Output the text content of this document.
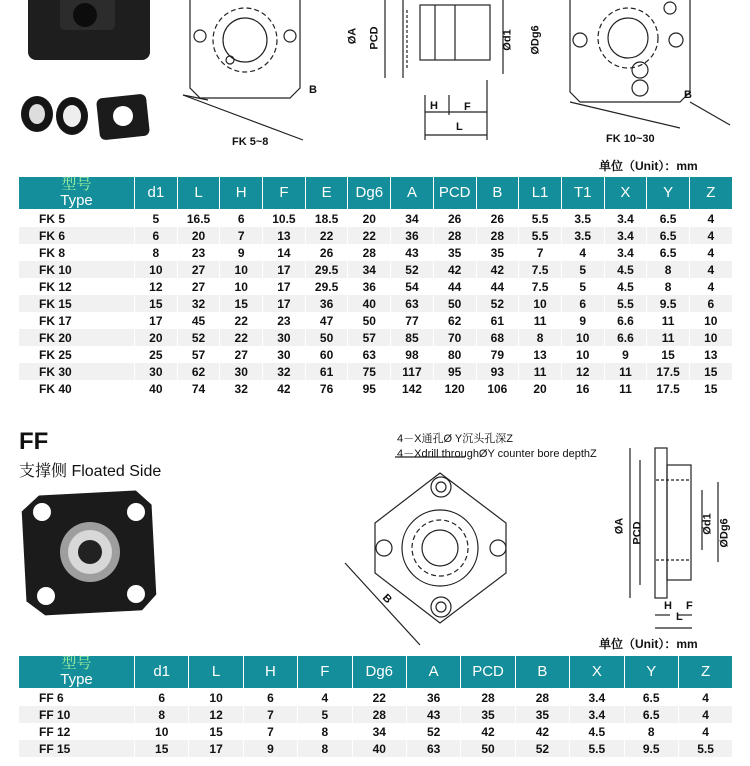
FK 5~8
B
ØA PCD	Ød1 ØDg6
H F
L
FK 10~30
B
单位（Unit）：mm
型号
Type	d1	L	H	F	E	Dg6	A	PCD	B	L1	T1	X	Y	Z
FK 5	5	16.5	6	10.5	18.5	20	34	26	26	5.5	3.5	3.4	6.5	4
FK 6	6	20	7	13	22	22	36	28	28	5.5	3.5	3.4	6.5	4
FK 8	8	23	9	14	26	28	43	35	35	7	4	3.4	6.5	4
FK 10	10	27	10	17	29.5	34	52	42	42	7.5	5	4.5	8	4
FK 12	12	27	10	17	29.5	36	54	44	44	7.5	5	4.5	8	4
FK 15	15	32	15	17	36	40	63	50	52	10	6	5.5	9.5	6
FK 17	17	45	22	23	47	50	77	62	61	11	9	6.6	11	10
FK 20	20	52	22	30	50	57	85	70	68	8	10	6.6	11	10
FK 25	25	57	27	30	60	63	98	80	79	13	10	9	15	13
FK 30	30	62	30	32	61	75	117	95	93	11	12	11	17.5	15
FK 40	40	74	32	42	76	95	142	120	106	20	16	11	17.5	15
FF
支撑侧 Floated Side
4－X通孔Ø Y沉头孔深Z
4－Xdrill throughØY counter bore depthZ
B
ØA PCD	Ød1 ØDg6
H F
L
单位（Unit）：mm
型号
Type	d1	L	H	F	Dg6	A	PCD	B	X	Y	Z
FF 6	6	10	6	4	22	36	28	28	3.4	6.5	4
FF 10	8	12	7	5	28	43	35	35	3.4	6.5	4
FF 12	10	15	7	8	34	52	42	42	4.5	8	4
FF 15	15	17	9	8	40	63	50	52	5.5	9.5	5.5
